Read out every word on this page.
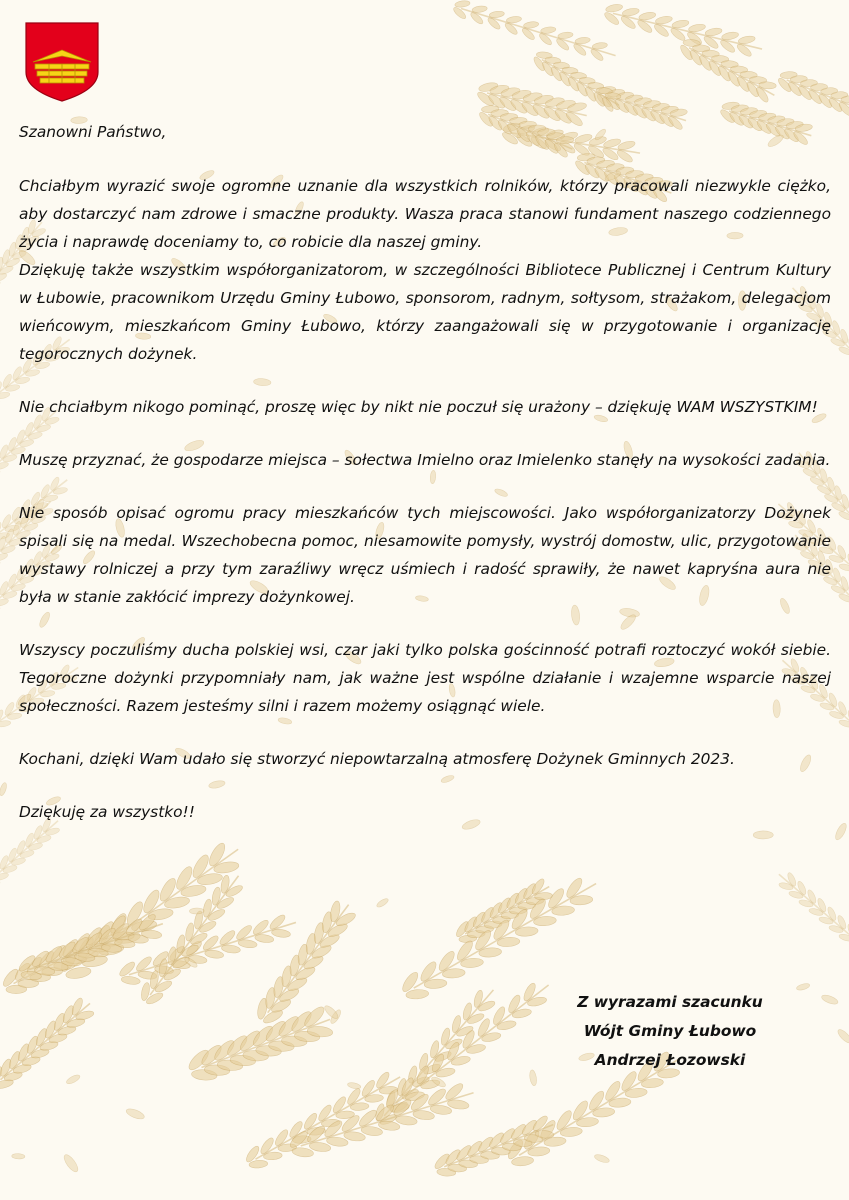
Szanowni Państwo,

Chciałbym wyrazić swoje ogromne uznanie dla wszystkich rolników, którzy pracowali niezwykle ciężko, aby dostarczyć nam zdrowe i smaczne produkty. Wasza praca stanowi fundament naszego codziennego życia i naprawdę doceniamy to, co robicie dla naszej gminy.

Dziękuję także wszystkim współorganizatorom, w szczególności Bibliotece Publicznej i Centrum Kultury w Łubowie, pracownikom Urzędu Gminy Łubowo, sponsorom, radnym, sołtysom, strażakom, delegacjom wieńcowym, mieszkańcom Gminy Łubowo, którzy zaangażowali się w przygotowanie i organizację tegorocznych dożynek.

Nie chciałbym nikogo pominąć, proszę więc by nikt nie poczuł się urażony – dziękuję WAM WSZYSTKIM!

Muszę przyznać, że gospodarze miejsca – sołectwa Imielno oraz Imielenko stanęły na wysokości zadania.

Nie sposób opisać ogromu pracy mieszkańców tych miejscowości. Jako współorganizatorzy Dożynek spisali się na medal. Wszechobecna pomoc, niesamowite pomysły, wystrój domostw, ulic, przygotowanie wystawy rolniczej a przy tym zaraźliwy wręcz uśmiech i radość sprawiły, że nawet kapryśna aura nie była w stanie zakłócić imprezy dożynkowej.

Wszyscy poczuliśmy ducha polskiej wsi, czar jaki tylko polska gościnność potrafi roztoczyć wokół siebie. Tegoroczne dożynki przypomniały nam, jak ważne jest wspólne działanie i wzajemne wsparcie naszej społeczności. Razem jesteśmy silni i razem możemy osiągnąć wiele.

Kochani, dzięki Wam udało się stworzyć niepowtarzalną atmosferę Dożynek Gminnych 2023.

Dziękuję za wszystko!!

Z wyrazami szacunku
Wójt Gminy Łubowo
Andrzej Łozowski
